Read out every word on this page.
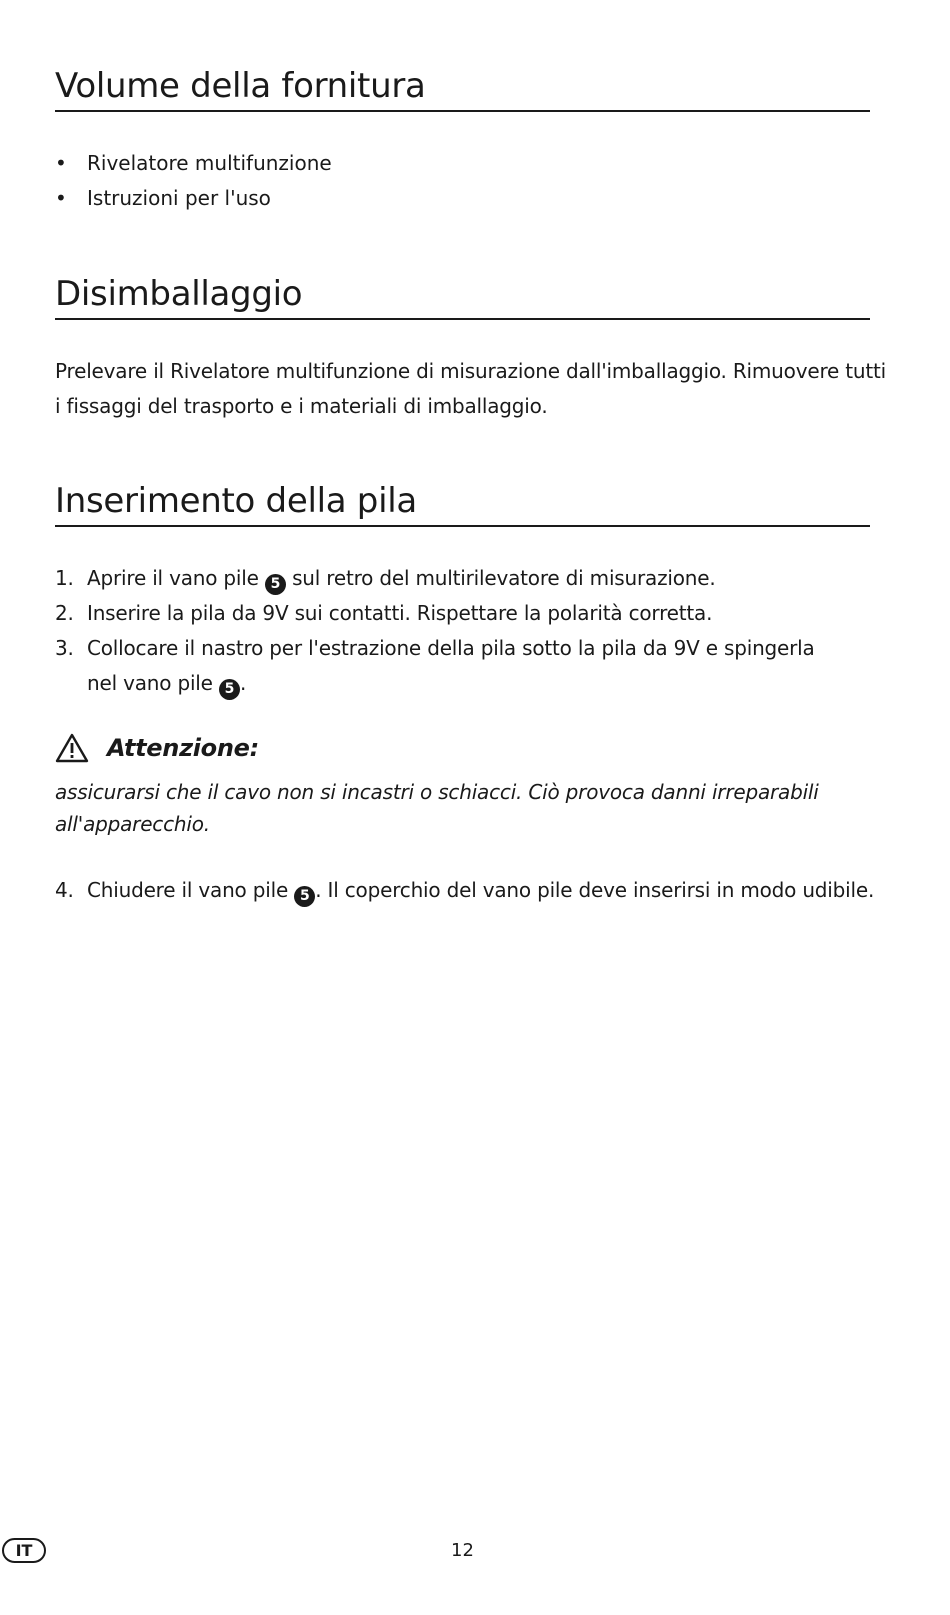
Volume della fornitura
• Rivelatore multifunzione
• Istruzioni per l'uso
Disimballaggio
Prelevare il Rivelatore multifunzione di misurazione dall'imballaggio. Rimuovere tutti
i fissaggi del trasporto e i materiali di imballaggio.
Inserimento della pila
1. Aprire il vano pile 5 sul retro del multirilevatore di misurazione.
2. Inserire la pila da 9V sui contatti. Rispettare la polarità corretta.
3. Collocare il nastro per l'estrazione della pila sotto la pila da 9V e spingerla
nel vano pile 5 .
Attenzione:
assicurarsi che il cavo non si incastri o schiacci. Ciò provoca danni irreparabili
all'apparecchio.
4. Chiudere il vano pile 5 . Il coperchio del vano pile deve inserirsi in modo udibile.
IT	12
